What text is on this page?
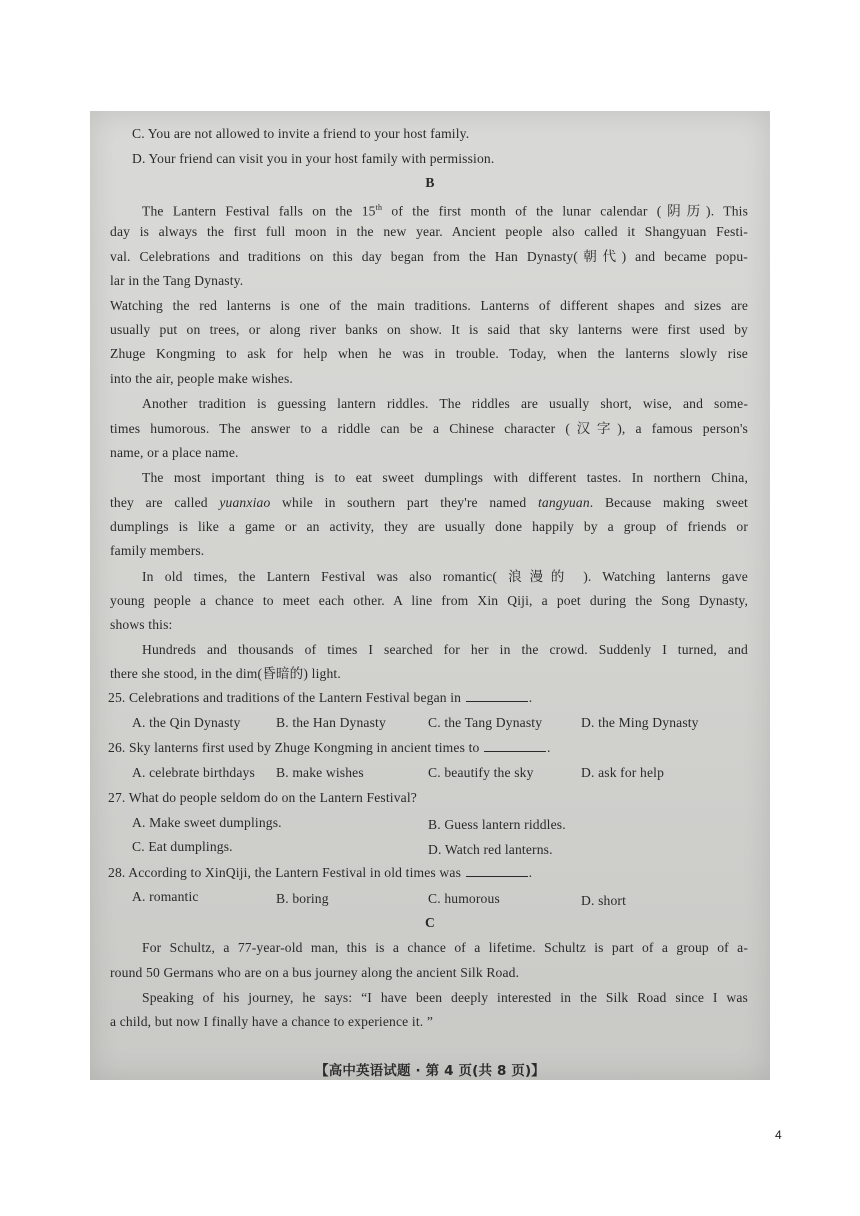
C. You are not allowed to invite a friend to your host family.
D. Your friend can visit you in your host family with permission.
B
The Lantern Festival falls on the 15th of the first month of the lunar calendar (阴历). This
day is always the first full moon in the new year. Ancient people also called it Shangyuan Festi-
val. Celebrations and traditions on this day began from the Han Dynasty(朝代) and became popu-
lar in the Tang Dynasty.
Watching the red lanterns is one of the main traditions. Lanterns of different shapes and sizes are
usually put on trees, or along river banks on show. It is said that sky lanterns were first used by
Zhuge Kongming to ask for help when he was in trouble. Today, when the lanterns slowly rise
into the air, people make wishes.
Another tradition is guessing lantern riddles. The riddles are usually short, wise, and some-
times humorous. The answer to a riddle can be a Chinese character (汉字), a famous person's
name, or a place name.
The most important thing is to eat sweet dumplings with different tastes. In northern China,
they are called yuanxiao while in southern part they're named tangyuan. Because making sweet
dumplings is like a game or an activity, they are usually done happily by a group of friends or
family members.
In old times, the Lantern Festival was also romantic( 浪漫的 ). Watching lanterns gave
young people a chance to meet each other. A line from Xin Qiji, a poet during the Song Dynasty,
shows this:
Hundreds and thousands of times I searched for her in the crowd. Suddenly I turned, and
there she stood, in the dim(昏暗的) light.
25. Celebrations and traditions of the Lantern Festival began in	.
A. the Qin Dynasty	B. the Han Dynasty	C. the Tang Dynasty	D. the Ming Dynasty
26. Sky lanterns first used by Zhuge Kongming in ancient times to	.
A. celebrate birthdays B. make wishes	C. beautify the sky	D. ask for help
27. What do people seldom do on the Lantern Festival?
A. Make sweet dumplings.	B. Guess lantern riddles.
C. Eat dumplings.	D. Watch red lanterns.
28. According to XinQiji, the Lantern Festival in old times was	.
A. romantic	B. boring	C. humorous	D. short
C
For Schultz, a 77-year-old man, this is a chance of a lifetime. Schultz is part of a group of a-
round 50 Germans who are on a bus journey along the ancient Silk Road.
Speaking of his journey, he says: “I have been deeply interested in the Silk Road since I was
a child, but now I finally have a chance to experience it. ”
【高中英语试题 · 第 4 页(共 8 页)】
4
